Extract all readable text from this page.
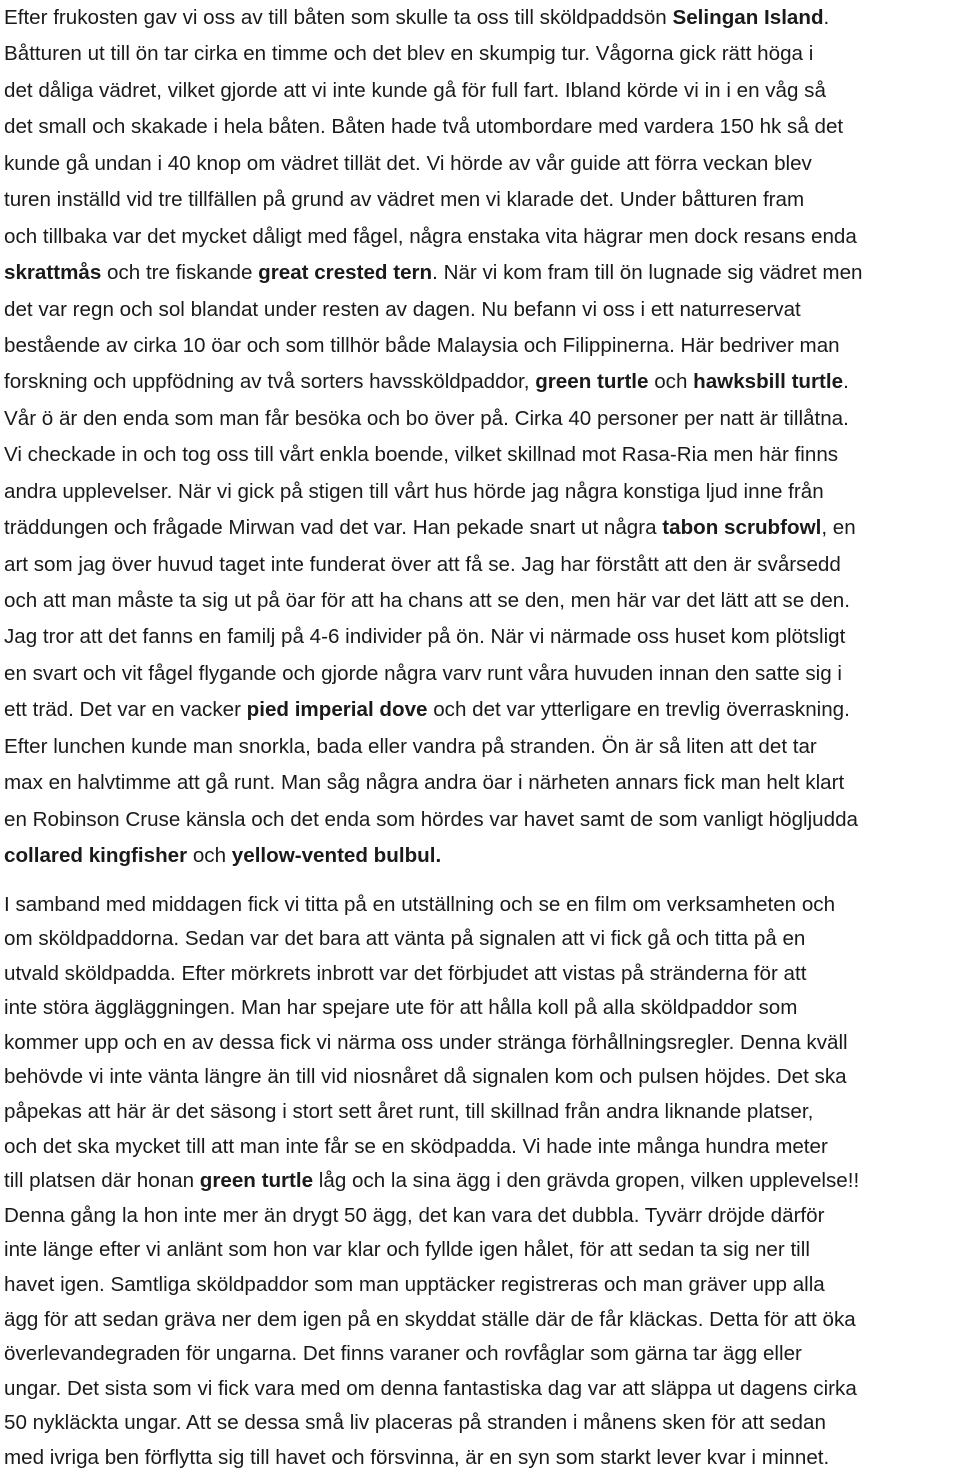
Efter frukosten gav vi oss av till båten som skulle ta oss till sköldpaddsön Selingan Island.
Båtturen ut till ön tar cirka en timme och det blev en skumpig tur. Vågorna gick rätt höga i
det dåliga vädret, vilket gjorde att vi inte kunde gå för full fart. Ibland körde vi in i en våg så
det small och skakade i hela båten. Båten hade två utombordare med vardera 150 hk så det
kunde gå undan i 40 knop om vädret tillät det. Vi hörde av vår guide att förra veckan blev
turen inställd vid tre tillfällen på grund av vädret men vi klarade det. Under båtturen fram
och tillbaka var det mycket dåligt med fågel, några enstaka vita hägrar men dock resans enda
skrattmås och tre fiskande great crested tern. När vi kom fram till ön lugnade sig vädret men
det var regn och sol blandat under resten av dagen. Nu befann vi oss i ett naturreservat
bestående av cirka 10 öar och som tillhör både Malaysia och Filippinerna. Här bedriver man
forskning och uppfödning av två sorters havssköldpaddor, green turtle och hawksbill turtle.
Vår ö är den enda som man får besöka och bo över på. Cirka 40 personer per natt är tillåtna.
Vi checkade in och tog oss till vårt enkla boende, vilket skillnad mot Rasa-Ria men här finns
andra upplevelser. När vi gick på stigen till vårt hus hörde jag några konstiga ljud inne från
träddungen och frågade Mirwan vad det var. Han pekade snart ut några tabon scrubfowl, en
art som jag över huvud taget inte funderat över att få se. Jag har förstått att den är svårsedd
och att man måste ta sig ut på öar för att ha chans att se den, men här var det lätt att se den.
Jag tror att det fanns en familj på 4-6 individer på ön. När vi närmade oss huset kom plötsligt
en svart och vit fågel flygande och gjorde några varv runt våra huvuden innan den satte sig i
ett träd. Det var en vacker pied imperial dove och det var ytterligare en trevlig överraskning.
Efter lunchen kunde man snorkla, bada eller vandra på stranden. Ön är så liten att det tar
max en halvtimme att gå runt. Man såg några andra öar i närheten annars fick man helt klart
en Robinson Cruse känsla och det enda som hördes var havet samt de som vanligt högljudda
collared kingfisher och yellow-vented bulbul.
I samband med middagen fick vi titta på en utställning och se en film om verksamheten och
om sköldpaddorna. Sedan var det bara att vänta på signalen att vi fick gå och titta på en
utvald sköldpadda. Efter mörkrets inbrott var det förbjudet att vistas på stränderna för att
inte störa äggläggningen. Man har spejare ute för att hålla koll på alla sköldpaddor som
kommer upp och en av dessa fick vi närma oss under stränga förhållningsregler. Denna kväll
behövde vi inte vänta längre än till vid niosnåret då signalen kom och pulsen höjdes. Det ska
påpekas att här är det säsong i stort sett året runt, till skillnad från andra liknande platser,
och det ska mycket till att man inte får se en sködpadda. Vi hade inte många hundra meter
till platsen där honan green turtle låg och la sina ägg i den grävda gropen, vilken upplevelse!!
Denna gång la hon inte mer än drygt 50 ägg, det kan vara det dubbla. Tyvärr dröjde därför
inte länge efter vi anlänt som hon var klar och fyllde igen hålet, för att sedan ta sig ner till
havet igen. Samtliga sköldpaddor som man upptäcker registreras och man gräver upp alla
ägg för att sedan gräva ner dem igen på en skyddat ställe där de får kläckas. Detta för att öka
överlevandegraden för ungarna. Det finns varaner och rovfåglar som gärna tar ägg eller
ungar. Det sista som vi fick vara med om denna fantastiska dag var att släppa ut dagens cirka
50 nykläckta ungar. Att se dessa små liv placeras på stranden i månens sken för att sedan
med ivriga ben förflytta sig till havet och försvinna, är en syn som starkt lever kvar i minnet.
